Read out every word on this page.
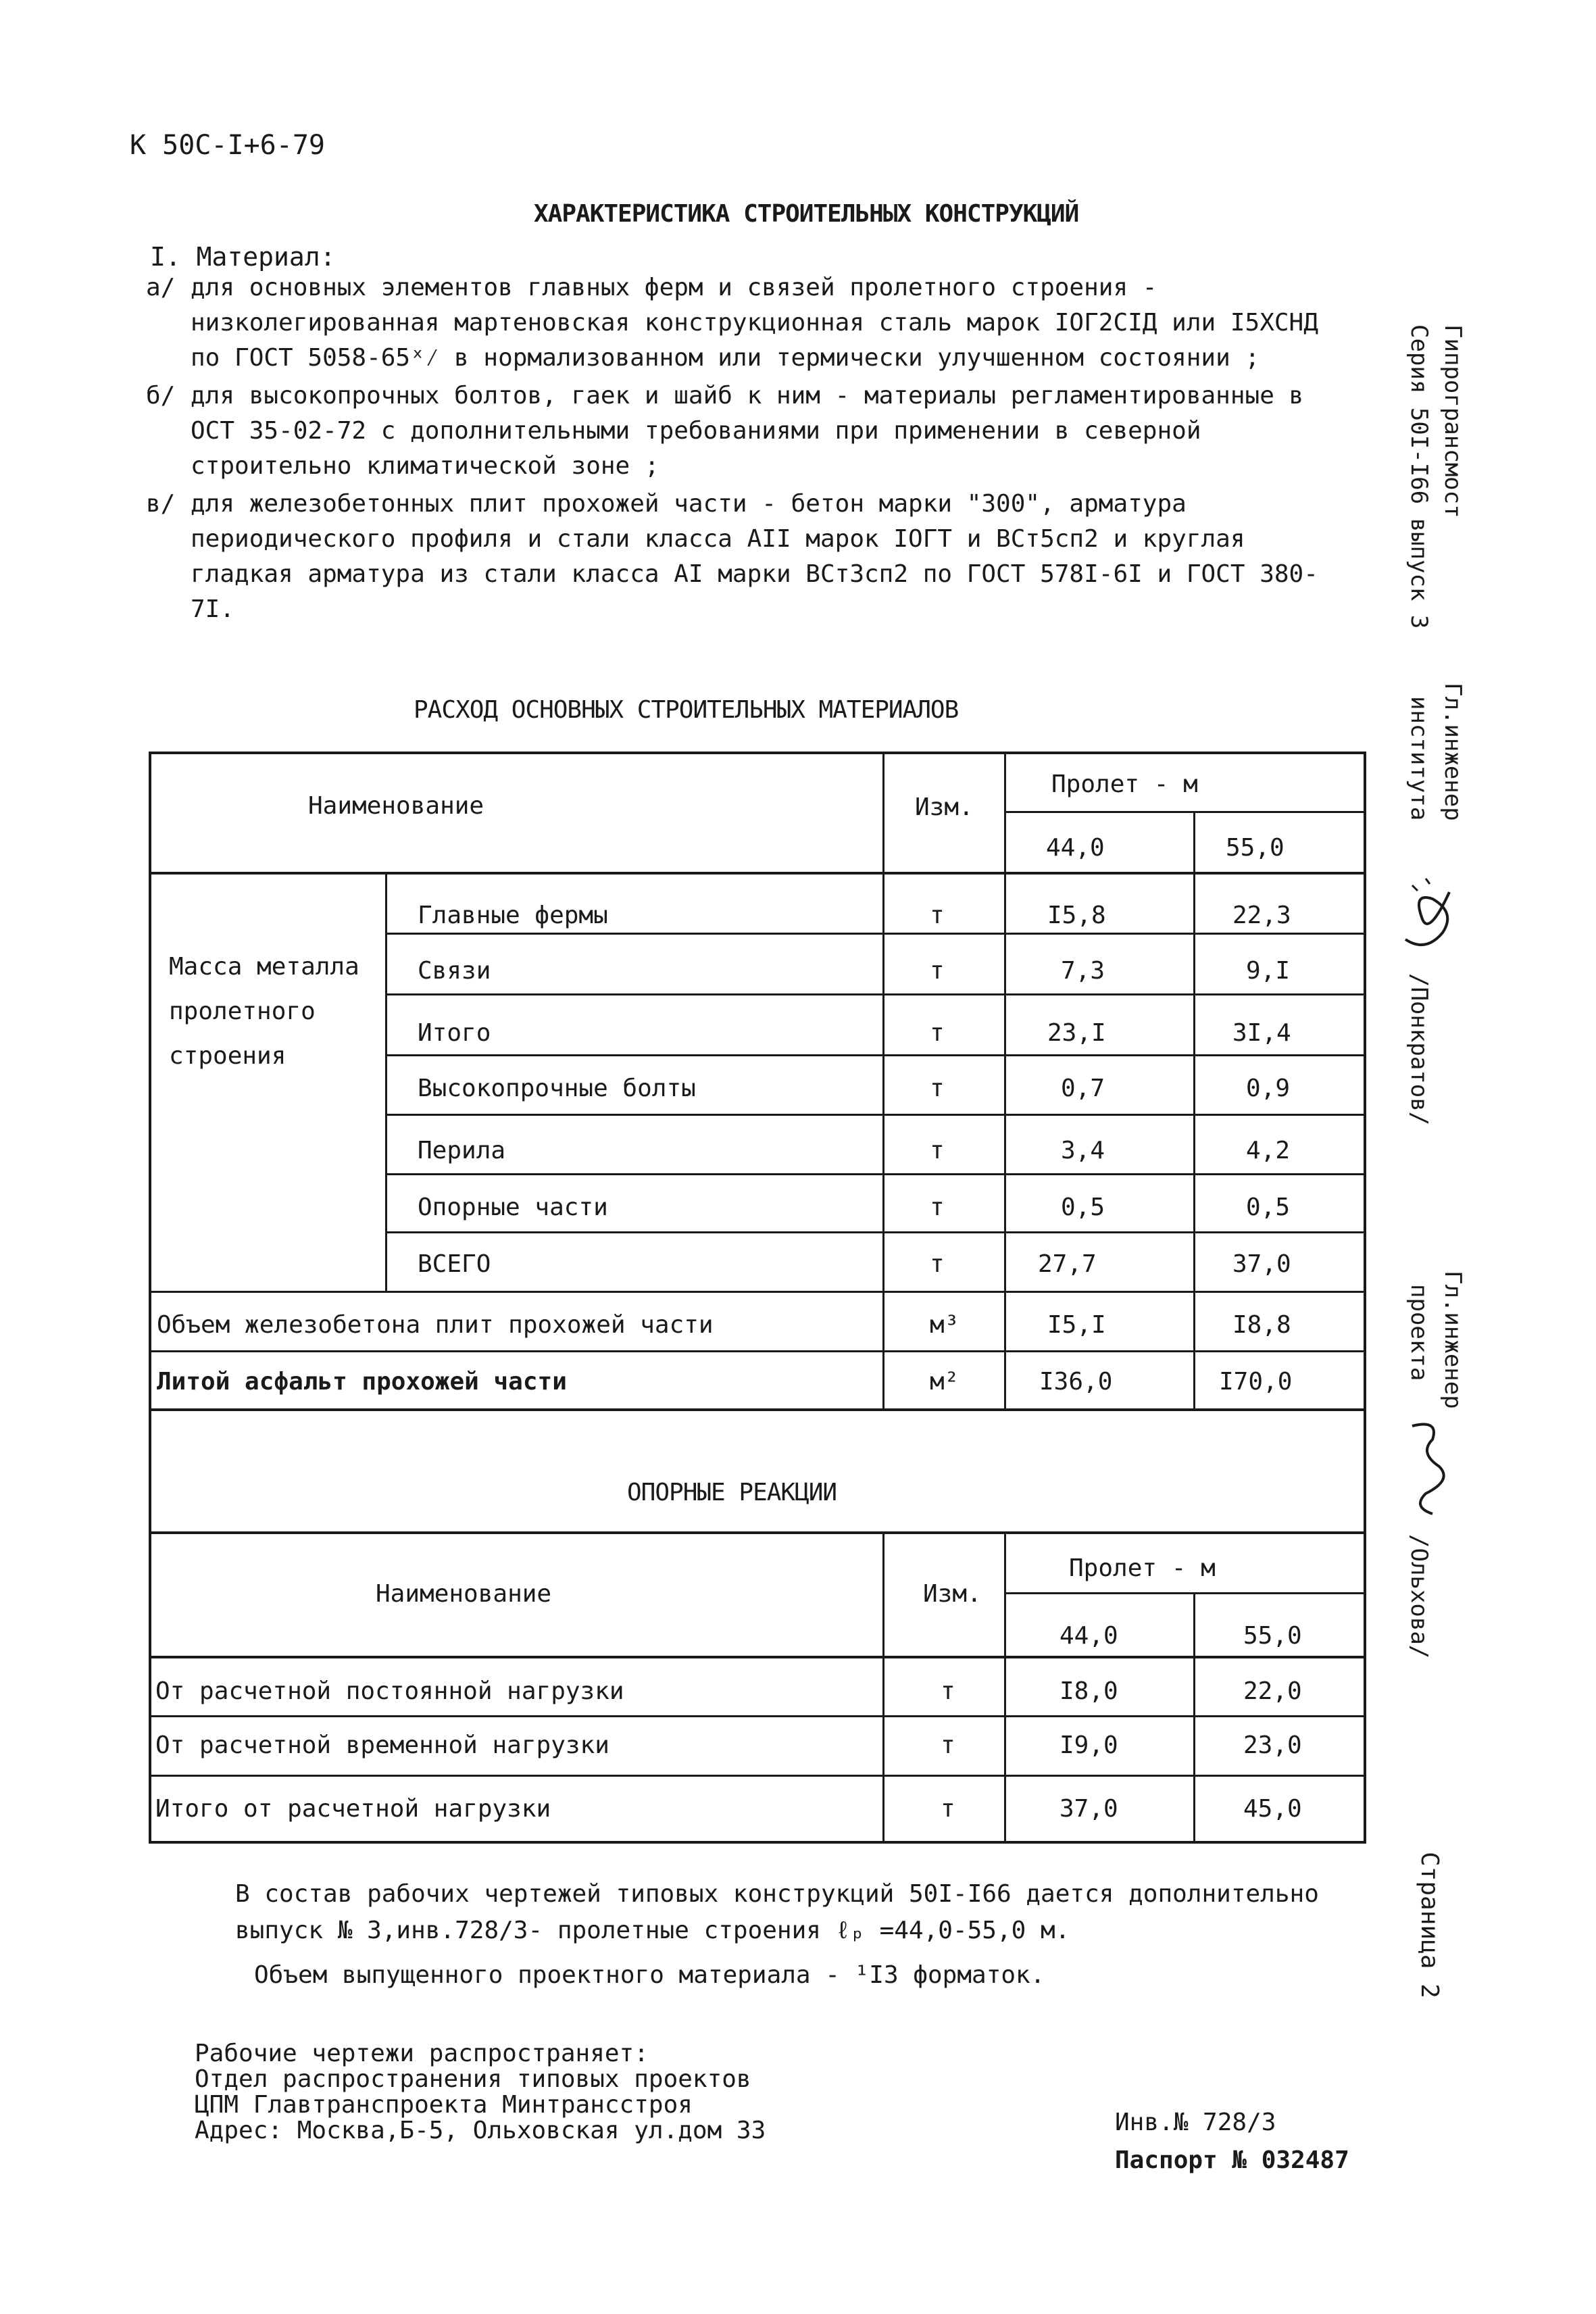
К 50С-I+6-79
ХАРАКТЕРИСТИКА СТРОИТЕЛЬНЫХ КОНСТРУКЦИЙ
I. Материал:
а/ для основных элементов главных ферм и связей пролетного строения - низколегированная мартеновская конструкционная сталь марок IОГ2СIД или I5ХСНД по ГОСТ 5058-65ˣ⁄ в нормализованном или термически улучшенном состоянии ;
б/ для высокопрочных болтов, гаек и шайб к ним - материалы регламентированные в ОСТ 35-02-72 с дополнительными требованиями при применении в северной строительно климатической зоне ;
в/ для железобетонных плит прохожей части - бетон марки "300", арматура периодического профиля и стали класса АII марок IОГТ и ВСт5сп2 и круглая гладкая арматура из стали класса АI марки ВСт3сп2 по ГОСТ 578I-6I и ГОСТ 380-7I.
РАСХОД ОСНОВНЫХ СТРОИТЕЛЬНЫХ МАТЕРИАЛОВ
Наименование	Изм.
Пролет - м
44,0	55,0
Масса металла
пролетного
строения
Главные фермы	т	I5,8	22,3
Связи	т	7,3	9,I
Итого	т	23,I	3I,4
Высокопрочные болты	т	0,7	0,9
Перила	т	3,4	4,2
Опорные части	т	0,5	0,5
ВСЕГО	т	27,7	37,0
Объем железобетона плит прохожей части	м³	I5,I	I8,8
Литой асфальт прохожей части	м²	I36,0	I70,0
ОПОРНЫЕ РЕАКЦИИ
Наименование	Изм.
Пролет - м
44,0	55,0
От расчетной постоянной нагрузки	т	I8,0	22,0
От расчетной временной нагрузки	т	I9,0	23,0
Итого от расчетной нагрузки	т	37,0	45,0
В состав рабочих чертежей типовых конструкций 50I-I66 дается дополнительно
выпуск № 3,инв.728/3- пролетные строения ℓₚ =44,0-55,0 м.
Объем выпущенного проектного материала - ¹I3 форматок.
Рабочие чертежи распространяет:
Отдел распространения типовых проектов
ЦПМ Главтранспроекта Минтрансстроя
Адрес: Москва,Б-5, Ольховская ул.дом 33	Инв.№ 728/3
Паспорт № 032487
Гипрогрансмост
Серия 50I-I66 выпуск 3
Гл.инженер
института
/Понкратов/
Гл.инженер
проекта
/Ольхова/
Страница 2
